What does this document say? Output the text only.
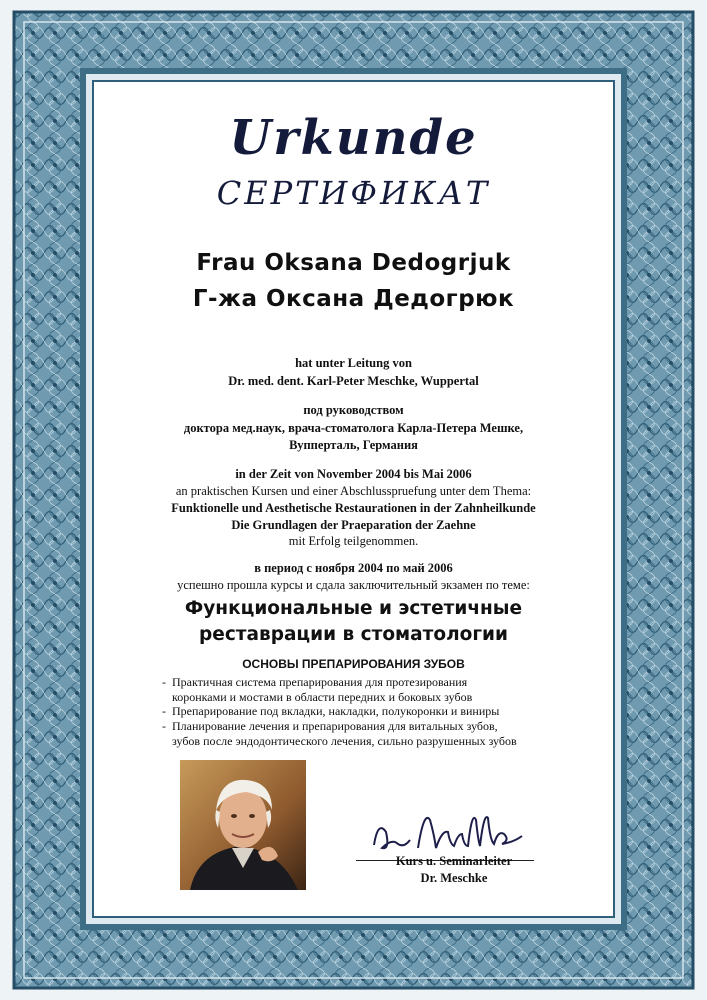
Urkunde
СЕРТИФИКАТ
Frau Oksana Dedogrjuk
Г-жа Оксана Дедогрюк
hat unter Leitung von
Dr. med. dent. Karl-Peter Meschke, Wuppertal
под руководством
доктора мед.наук, врача-стоматолога Карла-Петера Мешке,
Вупперталь, Германия
in der Zeit von November 2004 bis Mai 2006
an praktischen Kursen und einer Abschlusspruefung unter dem Thema:
Funktionelle und Aesthetische Restaurationen in der Zahnheilkunde
Die Grundlagen der Praeparation der Zaehne
mit Erfolg teilgenommen.
в период с ноября 2004 по май 2006
успешно прошла курсы и сдала заключительный экзамен по теме:
Функциональные и эстетичные
реставрации в стоматологии
ОСНОВЫ ПРЕПАРИРОВАНИЯ ЗУБОВ
- Практичная система препарирования для протезирования
коронками и мостами в области передних и боковых зубов
- Препарирование под вкладки, накладки, полукоронки и виниры
- Планирование лечения и препарирования для витальных зубов,
зубов после эндодонтического лечения, сильно разрушенных зубов
Kurs u. Seminarleiter
Dr. Meschke
